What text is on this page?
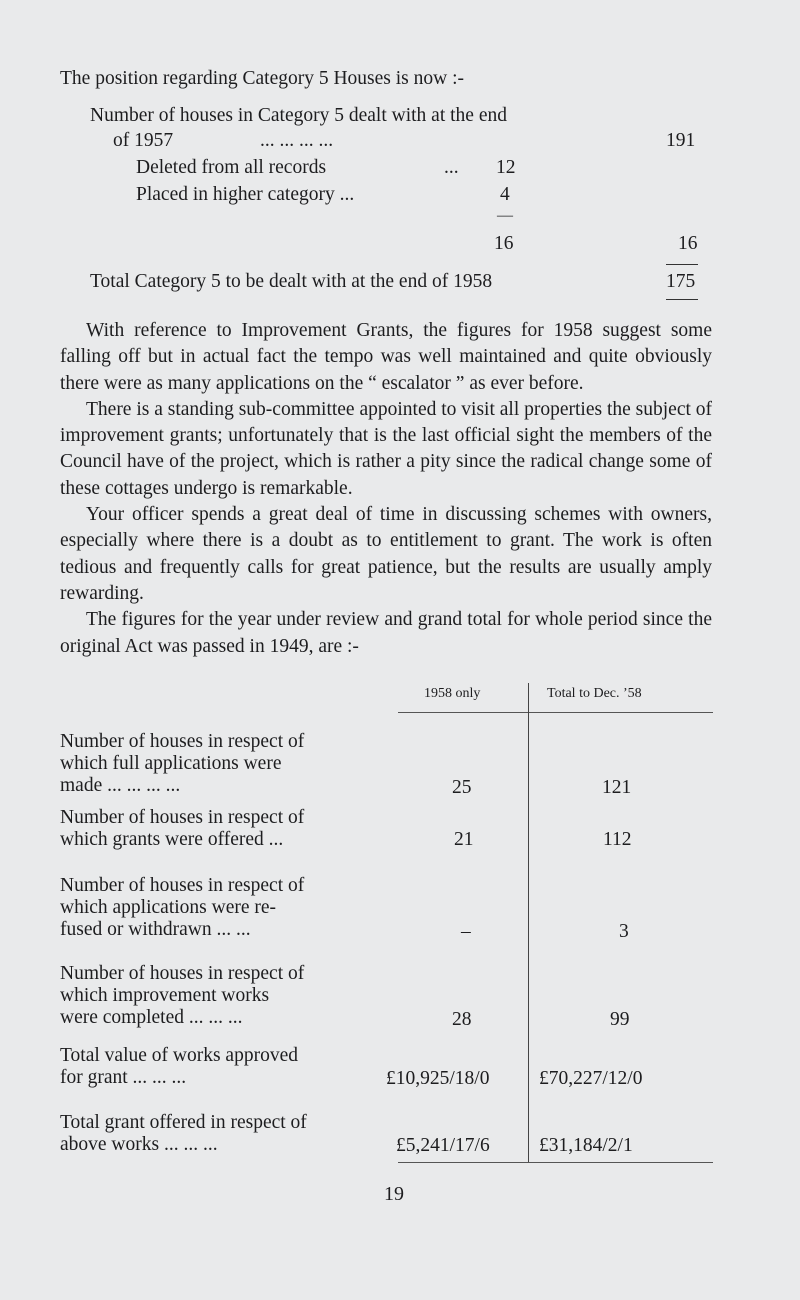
The position regarding Category 5 Houses is now :-
Number of houses in Category 5 dealt with at the end
of 1957	... ... ... ...	191
Deleted from all records	... 12
Placed in higher category ...	4
—
16	16
Total Category 5 to be dealt with at the end of 1958	175

With reference to Improvement Grants, the figures for 1958 suggest some falling off but in actual fact the tempo was well maintained and quite obviously there were as many applications on the “ escalator ” as ever before.

There is a standing sub-committee appointed to visit all properties the subject of improvement grants; unfortunately that is the last official sight the members of the Council have of the project, which is rather a pity since the radical change some of these cottages undergo is remarkable.

Your officer spends a great deal of time in discussing schemes with owners, especially where there is a doubt as to entitlement to grant. The work is often tedious and frequently calls for great patience, but the results are usually amply rewarding.

The figures for the year under review and grand total for whole period since the original Act was passed in 1949, are :-

1958 only	Total to Dec. ’58
Number of houses in respect of
which full applications were
made ... ... ... ...	25	121
Number of houses in respect of
which grants were offered ...	21	112
Number of houses in respect of
which applications were re-
fused or withdrawn ... ...	–	3
Number of houses in respect of
which improvement works
were completed ... ... ...	28	99
Total value of works approved
for grant ... ... ...	£10,925/18/0	£70,227/12/0
Total grant offered in respect of
above works ... ... ...	£5,241/17/6	£31,184/2/1
19
